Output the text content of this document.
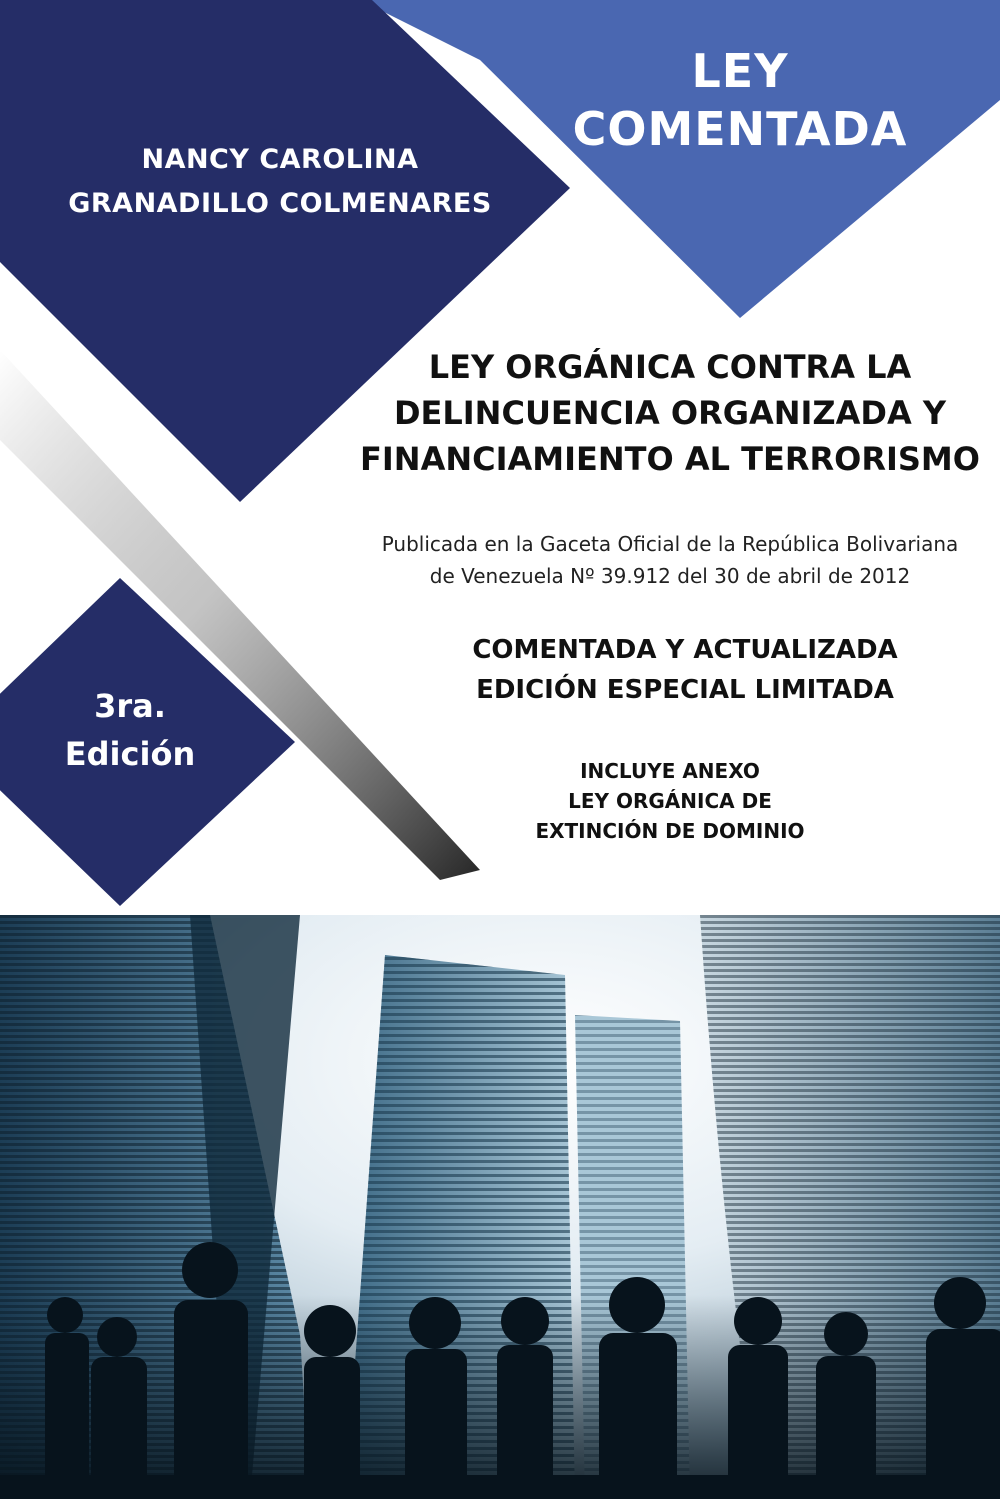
LEY
COMENTADA
NANCY CAROLINA
GRANADILLO COLMENARES
LEY ORGÁNICA CONTRA LA
DELINCUENCIA ORGANIZADA Y
FINANCIAMIENTO AL TERRORISMO
Publicada en la Gaceta Oficial de la República Bolivariana
de Venezuela Nº 39.912 del 30 de abril de 2012
COMENTADA Y ACTUALIZADA
EDICIÓN ESPECIAL LIMITADA
3ra.
Edición	INCLUYE ANEXO
LEY ORGÁNICA DE
EXTINCIÓN DE DOMINIO
